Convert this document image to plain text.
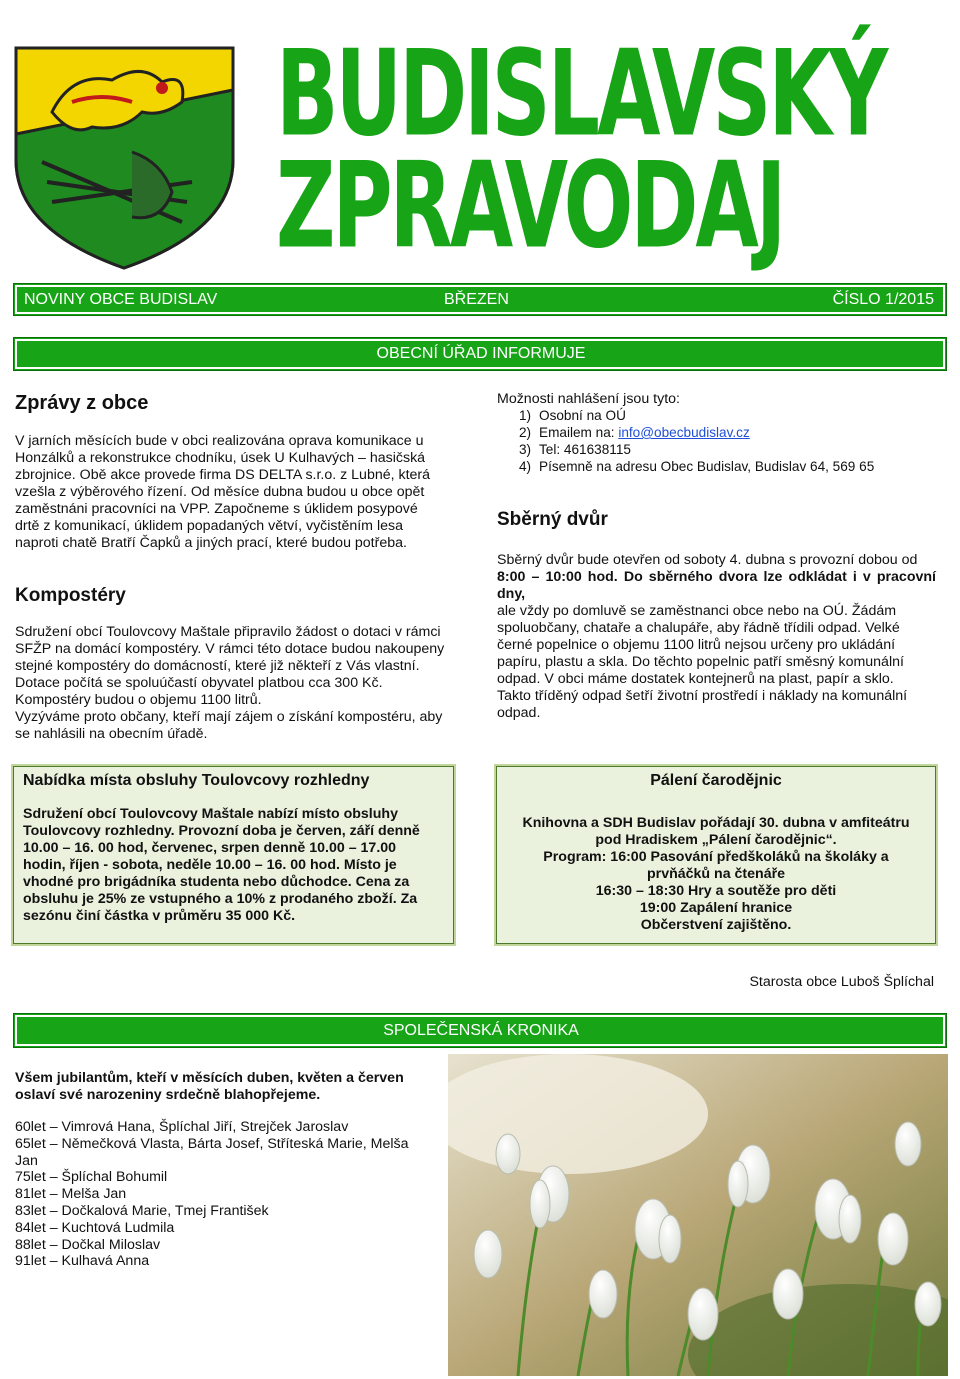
BUDISLAVSKÝ
ZPRAVODAJ
NOVINY OBCE BUDISLAV	BŘEZEN	ČÍSLO 1/2015
OBECNÍ ÚŘAD INFORMUJE
Zprávy z obce
V jarních měsících bude v obci realizována oprava komunikace u
Honzálků a rekonstrukce chodníku, úsek U Kulhavých – hasičská
zbrojnice. Obě akce provede firma DS DELTA s.r.o. z Lubné, která
vzešla z výběrového řízení. Od měsíce dubna budou u obce opět
zaměstnáni pracovníci na VPP. Započneme s úklidem posypové
drtě z komunikací, úklidem popadaných větví, vyčistěním lesa
naproti chatě Bratří Čapků a jiných prací, které budou potřeba.
Kompostéry
Sdružení obcí Toulovcovy Maštale připravilo žádost o dotaci v rámci
SFŽP na domácí kompostéry. V rámci této dotace budou nakoupeny
stejné kompostéry do domácností, které již někteří z Vás vlastní.
Dotace počítá se spoluúčastí obyvatel platbou cca 300 Kč.
Kompostéry budou o objemu 1100 litrů.
Vyzýváme proto občany, kteří mají zájem o získání kompostéru, aby
se nahlásili na obecním úřadě.
Možnosti nahlášení jsou tyto:
1) Osobní na OÚ
2) Emailem na: info@obecbudislav.cz
3) Tel: 461638115
4) Písemně na adresu Obec Budislav, Budislav 64, 569 65
Sběrný dvůr
Sběrný dvůr bude otevřen od soboty 4. dubna s provozní dobou od
8:00 – 10:00 hod. Do sběrného dvora lze odkládat i v pracovní dny,
ale vždy po domluvě se zaměstnanci obce nebo na OÚ. Žádám
spoluobčany, chataře a chalupáře, aby řádně třídili odpad. Velké
černé popelnice o objemu 1100 litrů nejsou určeny pro ukládání
papíru, plastu a skla. Do těchto popelnic patří směsný komunální
odpad. V obci máme dostatek kontejnerů na plast, papír a sklo.
Takto tříděný odpad šetří životní prostředí i náklady na komunální
odpad.
Nabídka místa obsluhy Toulovcovy rozhledny
Sdružení obcí Toulovcovy Maštale nabízí místo obsluhy
Toulovcovy rozhledny. Provozní doba je červen, září denně
10.00 – 16. 00 hod, červenec, srpen denně 10.00 – 17.00
hodin, říjen - sobota, neděle 10.00 – 16. 00 hod. Místo je
vhodné pro brigádníka studenta nebo důchodce. Cena za
obsluhu je 25% ze vstupného a 10% z prodaného zboží. Za
sezónu činí částka v průměru 35 000 Kč.
Pálení čarodějnic
Knihovna a SDH Budislav pořádají 30. dubna v amfiteátru
pod Hradiskem „Pálení čarodějnic“.
Program: 16:00 Pasování předškoláků na školáky a
prvňáčků na čtenáře
16:30 – 18:30 Hry a soutěže pro děti
19:00 Zapálení hranice
Občerstvení zajištěno.
Starosta obce Luboš Šplíchal
SPOLEČENSKÁ KRONIKA
Všem jubilantům, kteří v měsících duben, květen a červen
oslaví své narozeniny srdečně blahopřejeme.
60let – Vimrová Hana, Šplíchal Jiří, Strejček Jaroslav
65let – Němečková Vlasta, Bárta Josef, Stříteská Marie, Melša
Jan
75let – Šplíchal Bohumil
81let – Melša Jan
83let – Dočkalová Marie, Tmej František
84let – Kuchtová Ludmila
88let – Dočkal Miloslav
91let – Kulhavá Anna
